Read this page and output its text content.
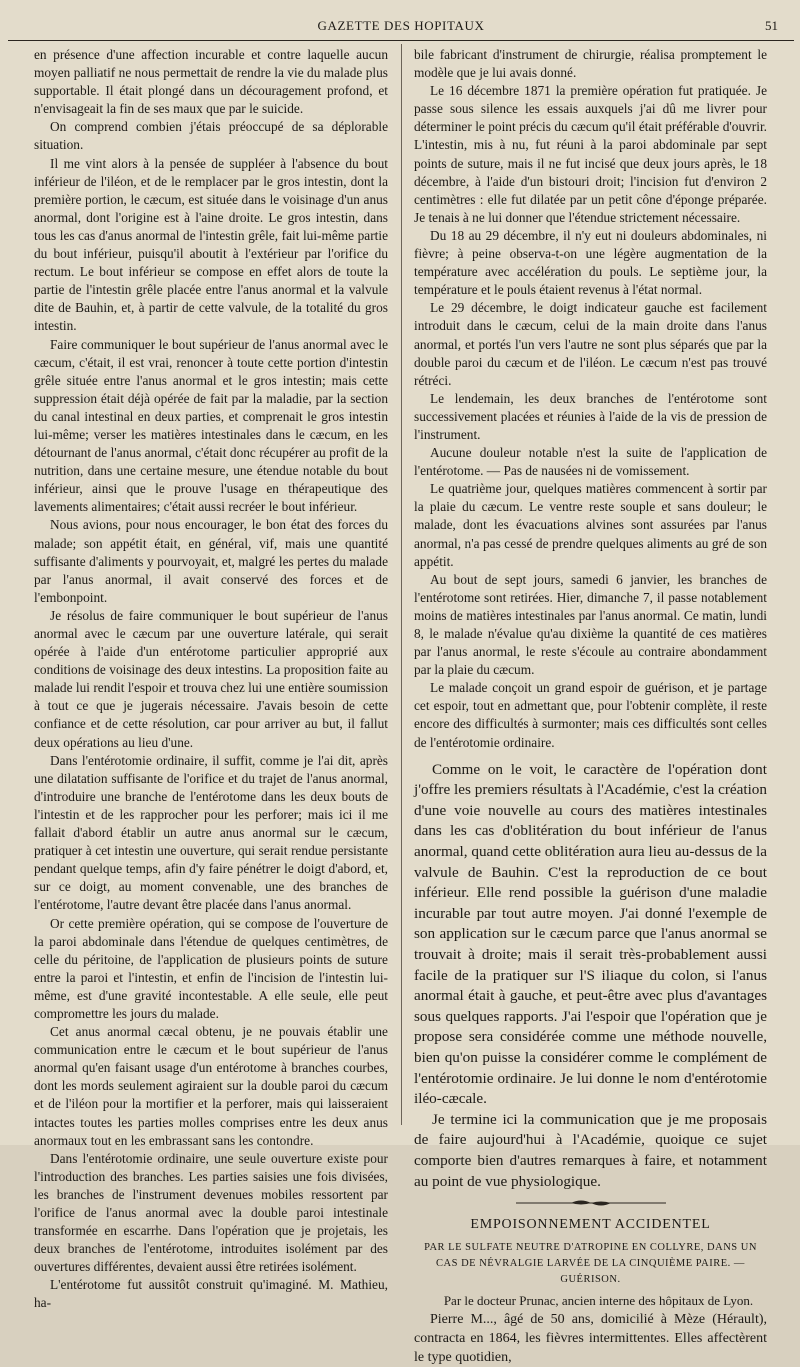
GAZETTE DES HOPITAUX	51

en présence d'une affection incurable et contre laquelle aucun moyen palliatif ne nous permettait de rendre la vie du malade plus supportable. Il était plongé dans un découragement profond, et n'envisageait la fin de ses maux que par le suicide.

On comprend combien j'étais préoccupé de sa déplorable situation.

Il me vint alors à la pensée de suppléer à l'absence du bout inférieur de l'iléon, et de le remplacer par le gros intestin, dont la première portion, le cæcum, est située dans le voisinage d'un anus anormal, dont l'origine est à l'aine droite. Le gros intestin, dans tous les cas d'anus anormal de l'intestin grêle, fait lui-même partie du bout inférieur, puisqu'il aboutit à l'extérieur par l'orifice du rectum. Le bout inférieur se compose en effet alors de toute la partie de l'intestin grêle placée entre l'anus anormal et la valvule dite de Bauhin, et, à partir de cette valvule, de la totalité du gros intestin.

Faire communiquer le bout supérieur de l'anus anormal avec le cæcum, c'était, il est vrai, renoncer à toute cette portion d'intestin grêle située entre l'anus anormal et le gros intestin; mais cette suppression était déjà opérée de fait par la maladie, par la section du canal intestinal en deux parties, et comprenait le gros intestin lui-même; verser les matières intestinales dans le cæcum, en les détournant de l'anus anormal, c'était donc récupérer au profit de la nutrition, dans une certaine mesure, une étendue notable du bout inférieur, ainsi que le prouve l'usage en thérapeutique des lavements alimentaires; c'était aussi recréer le bout inférieur.

Nous avions, pour nous encourager, le bon état des forces du malade; son appétit était, en général, vif, mais une quantité suffisante d'aliments y pourvoyait, et, malgré les pertes du malade par l'anus anormal, il avait conservé des forces et de l'embonpoint.

Je résolus de faire communiquer le bout supérieur de l'anus anormal avec le cæcum par une ouverture latérale, qui serait opérée à l'aide d'un entérotome particulier approprié aux conditions de voisinage des deux intestins. La proposition faite au malade lui rendit l'espoir et trouva chez lui une entière soumission à tout ce que je jugerais nécessaire. J'avais besoin de cette confiance et de cette résolution, car pour arriver au but, il fallut deux opérations au lieu d'une.

Dans l'entérotomie ordinaire, il suffit, comme je l'ai dit, après une dilatation suffisante de l'orifice et du trajet de l'anus anormal, d'introduire une branche de l'entérotome dans les deux bouts de l'intestin et de les rapprocher pour les perforer; mais ici il me fallait d'abord établir un autre anus anormal sur le cæcum, pratiquer à cet intestin une ouverture, qui serait rendue persistante pendant quelque temps, afin d'y faire pénétrer le doigt d'abord, et, sur ce doigt, au moment convenable, une des branches de l'entérotome, l'autre devant être placée dans l'anus anormal.

Or cette première opération, qui se compose de l'ouverture de la paroi abdominale dans l'étendue de quelques centimètres, de celle du péritoine, de l'application de plusieurs points de suture entre la paroi et l'intestin, et enfin de l'incision de l'intestin lui-même, est d'une gravité incontestable. A elle seule, elle peut compromettre les jours du malade.

Cet anus anormal cæcal obtenu, je ne pouvais établir une communication entre le cæcum et le bout supérieur de l'anus anormal qu'en faisant usage d'un entérotome à branches courbes, dont les mords seulement agiraient sur la double paroi du cæcum et de l'iléon pour la mortifier et la perforer, mais qui laisseraient intactes toutes les parties molles comprises entre les deux anus anormaux tout en les embrassant sans les contondre.

Dans l'entérotomie ordinaire, une seule ouverture existe pour l'introduction des branches. Les parties saisies une fois divisées, les branches de l'instrument devenues mobiles ressortent par l'orifice de l'anus anormal avec la double paroi intestinale transformée en escarrhe. Dans l'opération que je projetais, les deux branches de l'entérotome, introduites isolément par des ouvertures différentes, devaient aussi être retirées isolément.

L'entérotome fut aussitôt construit qu'imaginé. M. Mathieu, ha-

bile fabricant d'instrument de chirurgie, réalisa promptement le modèle que je lui avais donné.

Le 16 décembre 1871 la première opération fut pratiquée. Je passe sous silence les essais auxquels j'ai dû me livrer pour déterminer le point précis du cæcum qu'il était préférable d'ouvrir. L'intestin, mis à nu, fut réuni à la paroi abdominale par sept points de suture, mais il ne fut incisé que deux jours après, le 18 décembre, à l'aide d'un bistouri droit; l'incision fut d'environ 2 centimètres : elle fut dilatée par un petit cône d'éponge préparée. Je tenais à ne lui donner que l'étendue strictement nécessaire.

Du 18 au 29 décembre, il n'y eut ni douleurs abdominales, ni fièvre; à peine observa-t-on une légère augmentation de la température avec accélération du pouls. Le septième jour, la température et le pouls étaient revenus à l'état normal.

Le 29 décembre, le doigt indicateur gauche est facilement introduit dans le cæcum, celui de la main droite dans l'anus anormal, et portés l'un vers l'autre ne sont plus séparés que par la double paroi du cæcum et de l'iléon. Le cæcum n'est pas trouvé rétréci.

Le lendemain, les deux branches de l'entérotome sont successivement placées et réunies à l'aide de la vis de pression de l'instrument.

Aucune douleur notable n'est la suite de l'application de l'entérotome. — Pas de nausées ni de vomissement.

Le quatrième jour, quelques matières commencent à sortir par la plaie du cæcum. Le ventre reste souple et sans douleur; le malade, dont les évacuations alvines sont assurées par l'anus anormal, n'a pas cessé de prendre quelques aliments au gré de son appétit.

Au bout de sept jours, samedi 6 janvier, les branches de l'entérotome sont retirées. Hier, dimanche 7, il passe notablement moins de matières intestinales par l'anus anormal. Ce matin, lundi 8, le malade n'évalue qu'au dixième la quantité de ces matières par l'anus anormal, le reste s'écoule au contraire abondamment par la plaie du cæcum.

Le malade conçoit un grand espoir de guérison, et je partage cet espoir, tout en admettant que, pour l'obtenir complète, il reste encore des difficultés à surmonter; mais ces difficultés sont celles de l'entérotomie ordinaire.

Comme on le voit, le caractère de l'opération dont j'offre les premiers résultats à l'Académie, c'est la création d'une voie nouvelle au cours des matières intestinales dans les cas d'oblitération du bout inférieur de l'anus anormal, quand cette oblitération aura lieu au-dessus de la valvule de Bauhin. C'est la reproduction de ce bout inférieur. Elle rend possible la guérison d'une maladie incurable par tout autre moyen. J'ai donné l'exemple de son application sur le cæcum parce que l'anus anormal se trouvait à droite; mais il serait très-probablement aussi facile de la pratiquer sur l'S iliaque du colon, si l'anus anormal était à gauche, et peut-être avec plus d'avantages sous quelques rapports. J'ai l'espoir que l'opération que je propose sera considérée comme une méthode nouvelle, bien qu'on puisse la considérer comme le complément de l'entérotomie ordinaire. Je lui donne le nom d'entérotomie iléo-cæcale.

Je termine ici la communication que je me proposais de faire aujourd'hui à l'Académie, quoique ce sujet comporte bien d'autres remarques à faire, et notamment au point de vue physiologique.

EMPOISONNEMENT ACCIDENTEL
PAR LE SULFATE NEUTRE D'ATROPINE EN COLLYRE, DANS UN CAS DE NÉVRALGIE LARVÉE DE LA CINQUIÈME PAIRE. — GUÉRISON.

Par le docteur Prunac, ancien interne des hôpitaux de Lyon.

Pierre M..., âgé de 50 ans, domicilié à Mèze (Hérault), contracta en 1864, les fièvres intermittentes. Elles affectèrent le type quotidien,
